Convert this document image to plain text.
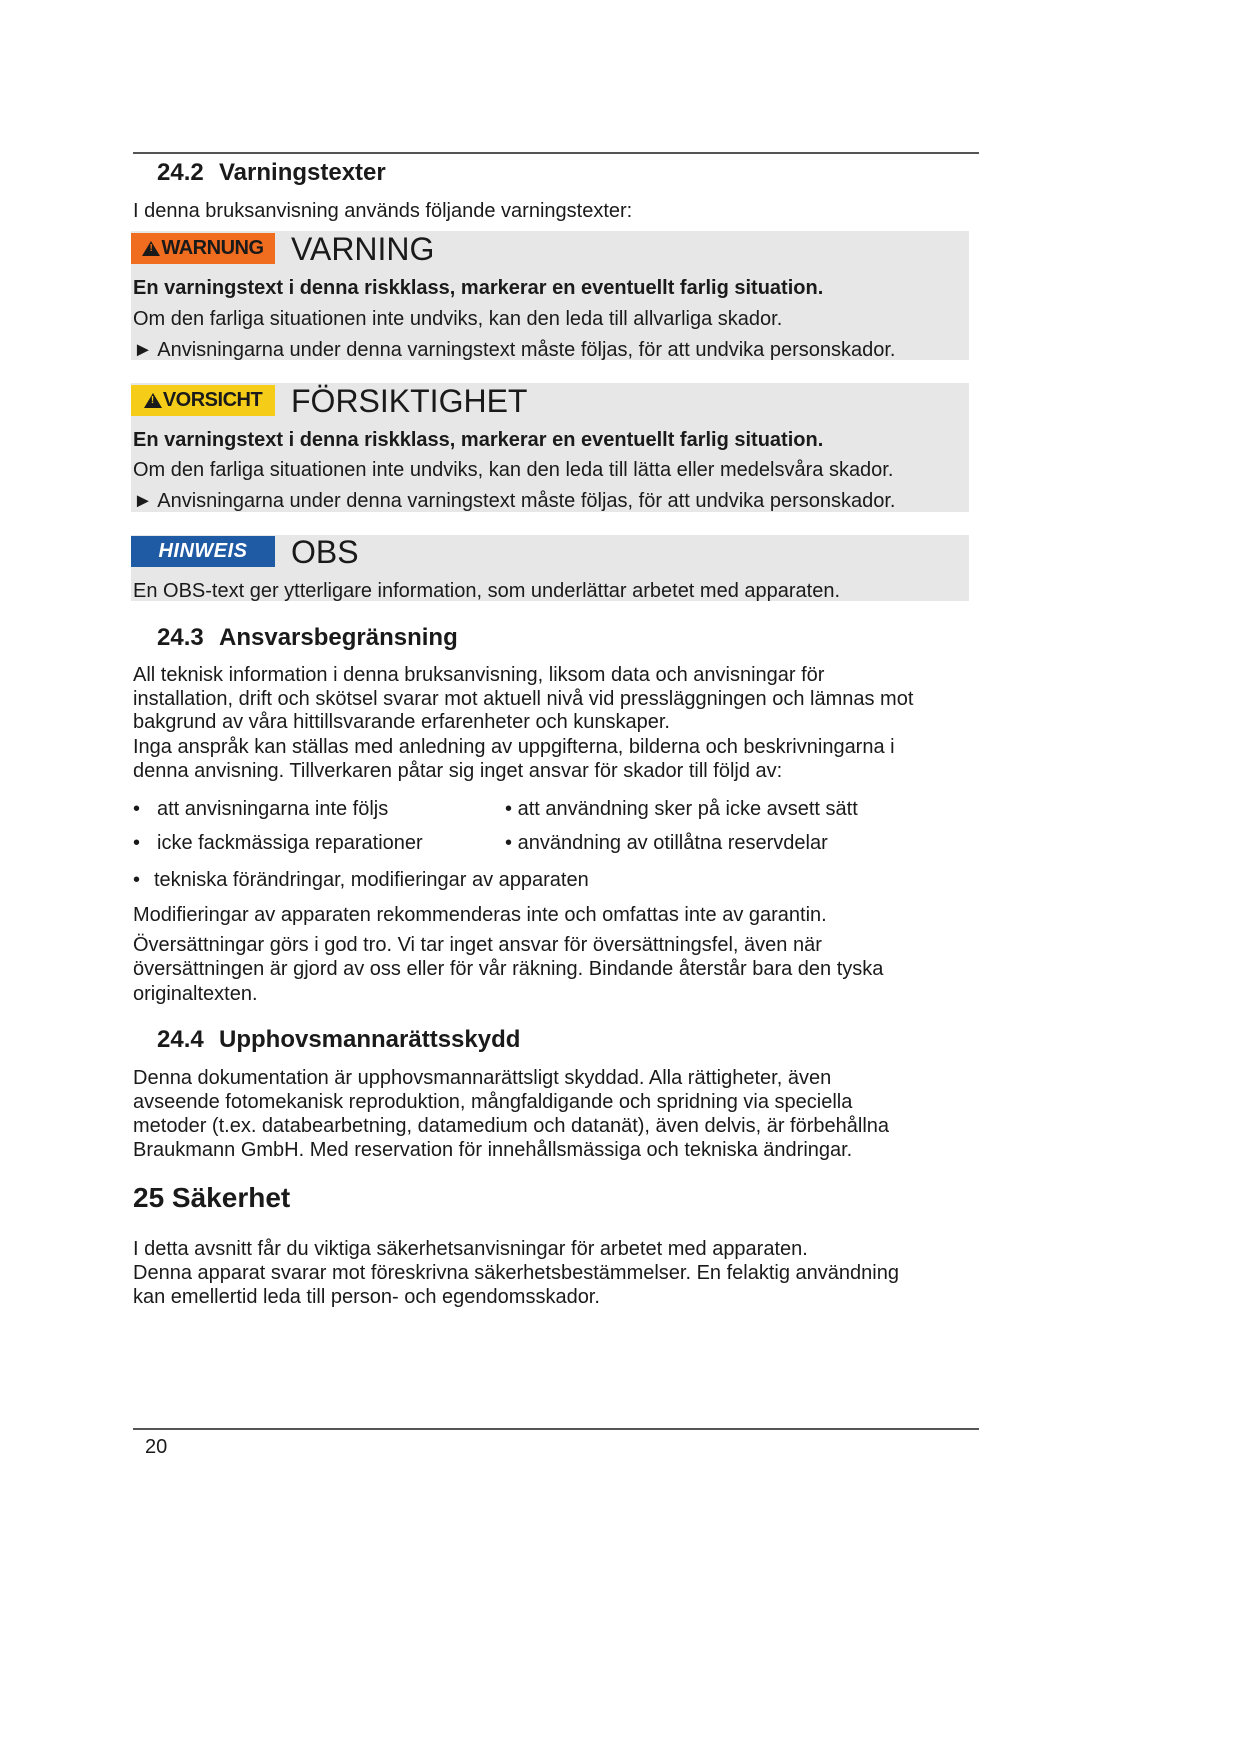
24.2 Varningstexter
I denna bruksanvisning används följande varningstexter:
!
WARNUNG VARNING
En varningstext i denna riskklass, markerar en eventuellt farlig situation.
Om den farliga situationen inte undviks, kan den leda till allvarliga skador.
► Anvisningarna under denna varningstext måste följas, för att undvika personskador.
!
VORSICHT FÖRSIKTIGHET
En varningstext i denna riskklass, markerar en eventuellt farlig situation.
Om den farliga situationen inte undviks, kan den leda till lätta eller medelsvåra skador.
► Anvisningarna under denna varningstext måste följas, för att undvika personskador.
HINWEIS OBS
En OBS-text ger ytterligare information, som underlättar arbetet med apparaten.
24.3 Ansvarsbegränsning
All teknisk information i denna bruksanvisning, liksom data och anvisningar för
installation, drift och skötsel svarar mot aktuell nivå vid pressläggningen och lämnas mot
bakgrund av våra hittillsvarande erfarenheter och kunskaper.
Inga anspråk kan ställas med anledning av uppgifterna, bilderna och beskrivningarna i
denna anvisning. Tillverkaren påtar sig inget ansvar för skador till följd av:
• att anvisningarna inte följs	• att användning sker på icke avsett sätt
• icke fackmässiga reparationer	• användning av otillåtna reservdelar
• tekniska förändringar, modifieringar av apparaten
Modifieringar av apparaten rekommenderas inte och omfattas inte av garantin.
Översättningar görs i god tro. Vi tar inget ansvar för översättningsfel, även när
översättningen är gjord av oss eller för vår räkning. Bindande återstår bara den tyska
originaltexten.
24.4 Upphovsmannarättsskydd
Denna dokumentation är upphovsmannarättsligt skyddad. Alla rättigheter, även
avseende fotomekanisk reproduktion, mångfaldigande och spridning via speciella
metoder (t.ex. databearbetning, datamedium och datanät), även delvis, är förbehållna
Braukmann GmbH. Med reservation för innehållsmässiga och tekniska ändringar.
25 Säkerhet
I detta avsnitt får du viktiga säkerhetsanvisningar för arbetet med apparaten.
Denna apparat svarar mot föreskrivna säkerhetsbestämmelser. En felaktig användning
kan emellertid leda till person- och egendomsskador.
20
